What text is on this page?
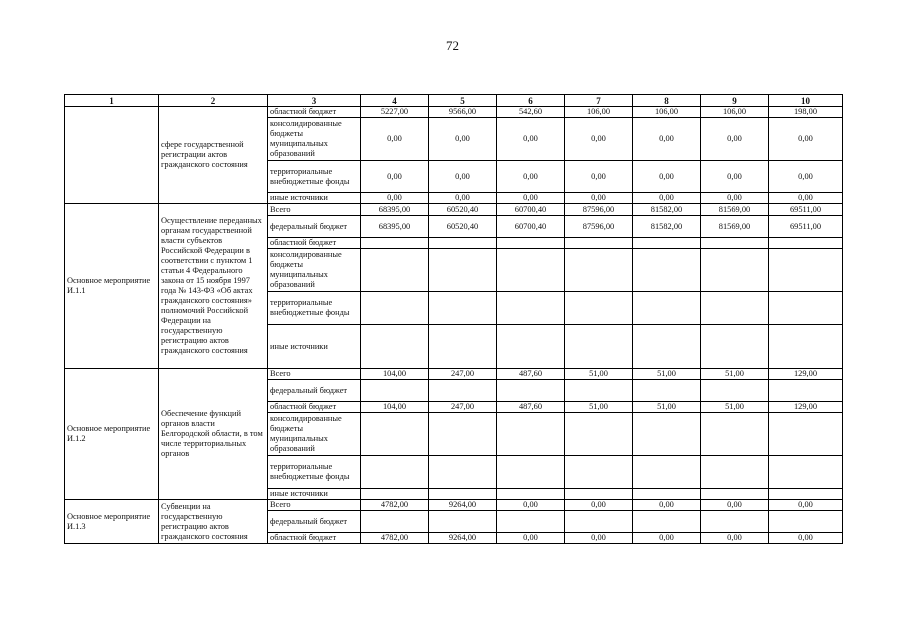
72
1	2	3	4	5	6	7	8	9	10
	сфере государственной регистрации актов гражданского состояния	областной бюджет	5227,00	9566,00	542,60	106,00	106,00	106,00	198,00
		консолидированные бюджеты муниципальных образований	0,00	0,00	0,00	0,00	0,00	0,00	0,00
		территориальные внебюджетные фонды	0,00	0,00	0,00	0,00	0,00	0,00	0,00
		иные источники	0,00	0,00	0,00	0,00	0,00	0,00	0,00
Основное мероприятие И.1.1	Осуществление переданных органам государственной власти субъектов Российской Федерации в соответствии с пунктом 1 статьи 4 Федерального закона от 15 ноября 1997 года № 143-ФЗ «Об актах гражданского состояния» полномочий Российской Федерации на государственную регистрацию актов гражданского состояния	Всего	68395,00	60520,40	60700,40	87596,00	81582,00	81569,00	69511,00
		федеральный бюджет	68395,00	60520,40	60700,40	87596,00	81582,00	81569,00	69511,00
		областной бюджет							
		консолидированные бюджеты муниципальных образований							
		территориальные внебюджетные фонды							
		иные источники							
Основное мероприятие И.1.2	Обеспечение функций органов власти Белгородской области, в том числе территориальных органов	Всего	104,00	247,00	487,60	51,00	51,00	51,00	129,00
		федеральный бюджет							
		областной бюджет	104,00	247,00	487,60	51,00	51,00	51,00	129,00
		консолидированные бюджеты муниципальных образований							
		территориальные внебюджетные фонды							
		иные источники							
Основное мероприятие И.1.3	Субвенции на государственную регистрацию актов гражданского состояния	Всего	4782,00	9264,00	0,00	0,00	0,00	0,00	0,00
		федеральный бюджет							
		областной бюджет	4782,00	9264,00	0,00	0,00	0,00	0,00	0,00
